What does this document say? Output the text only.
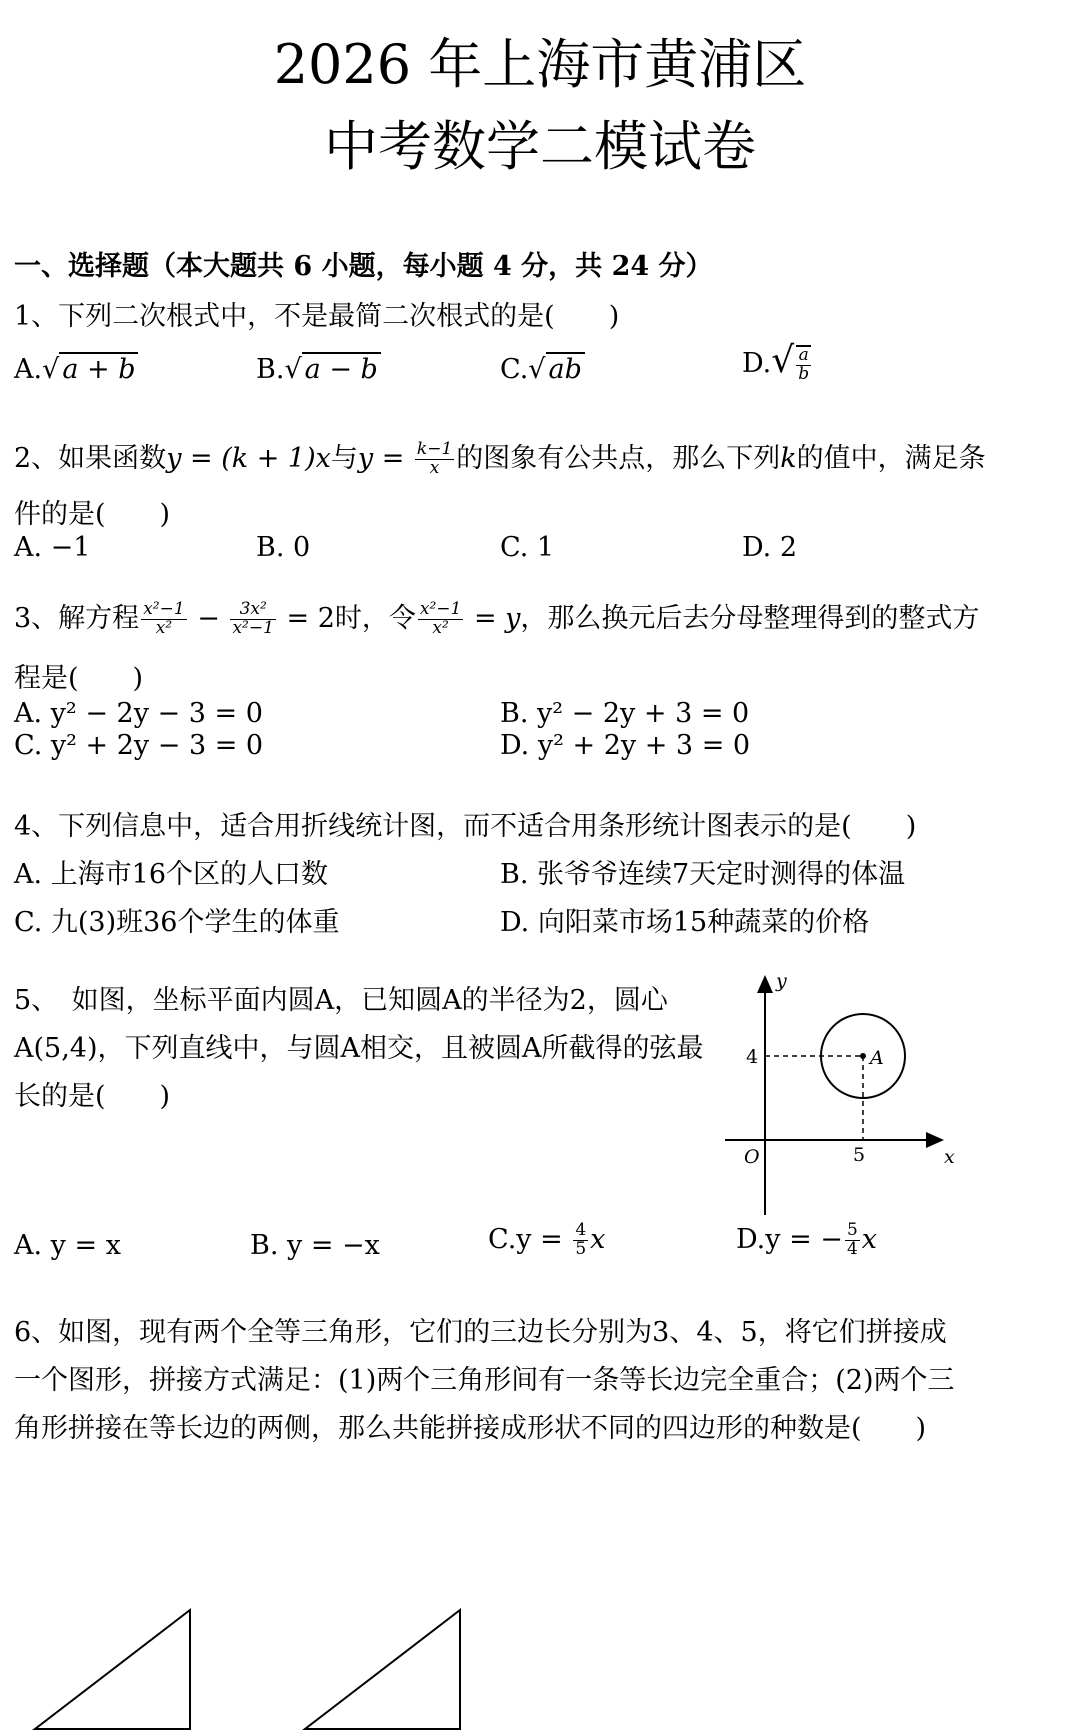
2026 年上海市黄浦区
中考数学二模试卷
一、选择题（本大题共 6 小题，每小题 4 分，共 24 分）
1、下列二次根式中，不是最简二次根式的是(　　)
A.√ a + b	B.√ a − b	C.√ ab	$D.√ \frac{a}{b}$
2、如果函数y = (k + 1)x与$y = \frac{k-1}{x}$ 的图象有公共点，那么下列k的值中，满足条
件的是(　　)
A. −1	B. 0	C. 1	D. 2
3、解方程 $\frac{\text{x²−1}}{\text{x²}} - \frac{\text{3x²}}{\text{x²−1}} = 2$时，令 $\frac{\text{x²−1}}{\text{x²}} = y$，那么换元后去分母整理得到的整式方
程是(　　)
A. y² − 2y − 3 = 0	B. y² − 2y + 3 = 0
C. y² + 2y − 3 = 0	D. y² + 2y + 3 = 0
4、下列信息中，适合用折线统计图，而不适合用条形统计图表示的是(　　)
A. 上海市16个区的人口数	B. 张爷爷连续7天定时测得的体温
C. 九(3)班36个学生的体重	D. 向阳菜市场15种蔬菜的价格
5、　如图，坐标平面内圆A，已知圆A的半径为2，圆心
A(5,4)，下列直线中，与圆A相交，且被圆A所截得的弦最
长的是(　　)
A
y
x
O	5
4
A. y = x	B. y = −x	$C.y = \frac{4}{5}$ x	D.y = − $\frac{5}{4}$ x
6、如图，现有两个全等三角形，它们的三边长分别为3、4、5，将它们拼接成
一个图形，拼接方式满足：(1)两个三角形间有一条等长边完全重合；(2)两个三
角形拼接在等长边的两侧，那么共能拼接成形状不同的四边形的种数是(　　)
